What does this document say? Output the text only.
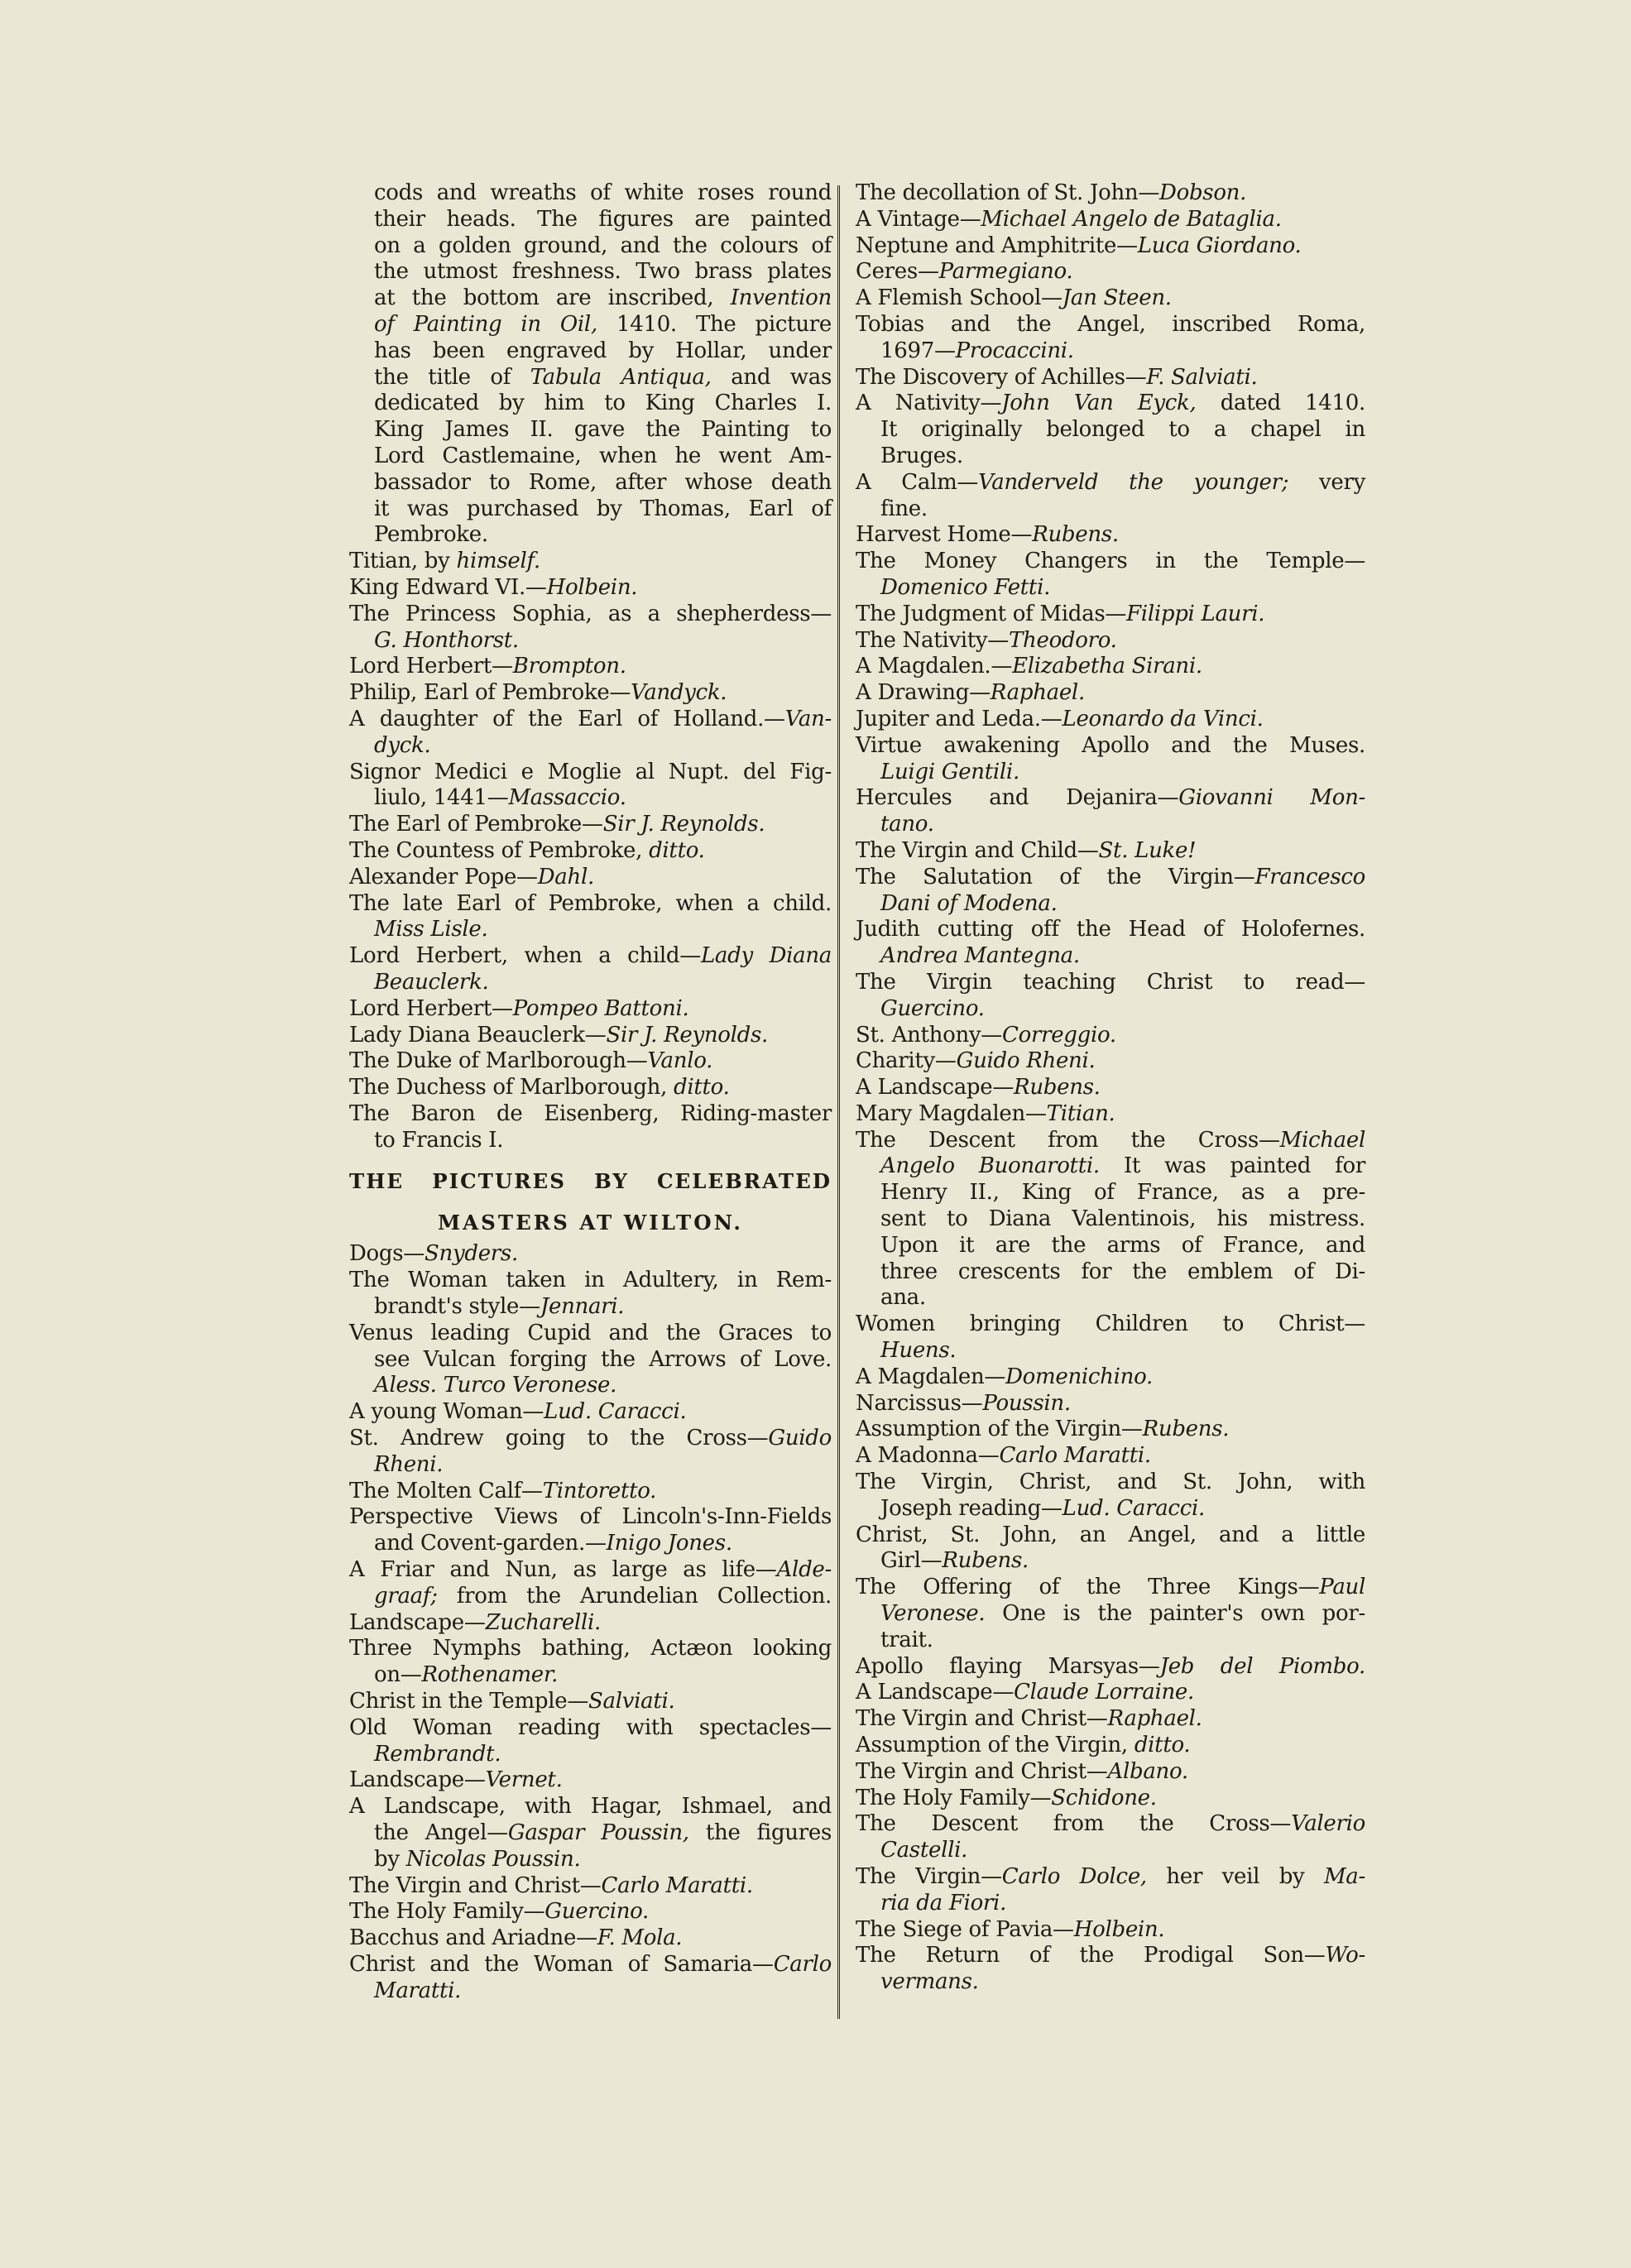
cods and wreaths of white roses round
their heads. The figures are painted
on a golden ground, and the colours of
the utmost freshness. Two brass plates
at the bottom are inscribed, Invention
of Painting in Oil, 1410. The picture
has been engraved by Hollar, under
the title of Tabula Antiqua, and was
dedicated by him to King Charles I.
King James II. gave the Painting to
Lord Castlemaine, when he went Am-
bassador to Rome, after whose death
it was purchased by Thomas, Earl of
Pembroke.
Titian, by himself.
King Edward VI.—Holbein.
The Princess Sophia, as a shepherdess—
G. Honthorst.
Lord Herbert—Brompton.
Philip, Earl of Pembroke—Vandyck.
A daughter of the Earl of Holland.—Van-
dyck.
Signor Medici e Moglie al Nupt. del Fig-
liulo, 1441—Massaccio.
The Earl of Pembroke—Sir J. Reynolds.
The Countess of Pembroke, ditto.
Alexander Pope—Dahl.
The late Earl of Pembroke, when a child.
Miss Lisle.
Lord Herbert, when a child—Lady Diana
Beauclerk.
Lord Herbert—Pompeo Battoni.
Lady Diana Beauclerk—Sir J. Reynolds.
The Duke of Marlborough—Vanlo.
The Duchess of Marlborough, ditto.
The Baron de Eisenberg, Riding-master
to Francis I.
THE PICTURES BY CELEBRATED
MASTERS AT WILTON.
Dogs—Snyders.
The Woman taken in Adultery, in Rem-
brandt's style—Jennari.
Venus leading Cupid and the Graces to
see Vulcan forging the Arrows of Love.
Aless. Turco Veronese.
A young Woman—Lud. Caracci.
St. Andrew going to the Cross—Guido
Rheni.
The Molten Calf—Tintoretto.
Perspective Views of Lincoln's-Inn-Fields
and Covent-garden.—Inigo Jones.
A Friar and Nun, as large as life—Alde-
graaf; from the Arundelian Collection.
Landscape—Zucharelli.
Three Nymphs bathing, Actæon looking
on—Rothenamer.
Christ in the Temple—Salviati.
Old Woman reading with spectacles—
Rembrandt.
Landscape—Vernet.
A Landscape, with Hagar, Ishmael, and
the Angel—Gaspar Poussin, the figures
by Nicolas Poussin.
The Virgin and Christ—Carlo Maratti.
The Holy Family—Guercino.
Bacchus and Ariadne—F. Mola.
Christ and the Woman of Samaria—Carlo
Maratti.
The decollation of St. John—Dobson.
A Vintage—Michael Angelo de Bataglia.
Neptune and Amphitrite—Luca Giordano.
Ceres—Parmegiano.
A Flemish School—Jan Steen.
Tobias and the Angel, inscribed Roma,
1697—Procaccini.
The Discovery of Achilles—F. Salviati.
A Nativity—John Van Eyck, dated 1410.
It originally belonged to a chapel in
Bruges.
A Calm—Vanderveld the younger; very
fine.
Harvest Home—Rubens.
The Money Changers in the Temple—
Domenico Fetti.
The Judgment of Midas—Filippi Lauri.
The Nativity—Theodoro.
A Magdalen.—Elizabetha Sirani.
A Drawing—Raphael.
Jupiter and Leda.—Leonardo da Vinci.
Virtue awakening Apollo and the Muses.
Luigi Gentili.
Hercules and Dejanira—Giovanni Mon-
tano.
The Virgin and Child—St. Luke!
The Salutation of the Virgin—Francesco
Dani of Modena.
Judith cutting off the Head of Holofernes.
Andrea Mantegna.
The Virgin teaching Christ to read—
Guercino.
St. Anthony—Correggio.
Charity—Guido Rheni.
A Landscape—Rubens.
Mary Magdalen—Titian.
The Descent from the Cross—Michael
Angelo Buonarotti. It was painted for
Henry II., King of France, as a pre-
sent to Diana Valentinois, his mistress.
Upon it are the arms of France, and
three crescents for the emblem of Di-
ana.
Women bringing Children to Christ—
Huens.
A Magdalen—Domenichino.
Narcissus—Poussin.
Assumption of the Virgin—Rubens.
A Madonna—Carlo Maratti.
The Virgin, Christ, and St. John, with
Joseph reading—Lud. Caracci.
Christ, St. John, an Angel, and a little
Girl—Rubens.
The Offering of the Three Kings—Paul
Veronese. One is the painter's own por-
trait.
Apollo flaying Marsyas—Jeb del Piombo.
A Landscape—Claude Lorraine.
The Virgin and Christ—Raphael.
Assumption of the Virgin, ditto.
The Virgin and Christ—Albano.
The Holy Family—Schidone.
The Descent from the Cross—Valerio
Castelli.
The Virgin—Carlo Dolce, her veil by Ma-
ria da Fiori.
The Siege of Pavia—Holbein.
The Return of the Prodigal Son—Wo-
vermans.
